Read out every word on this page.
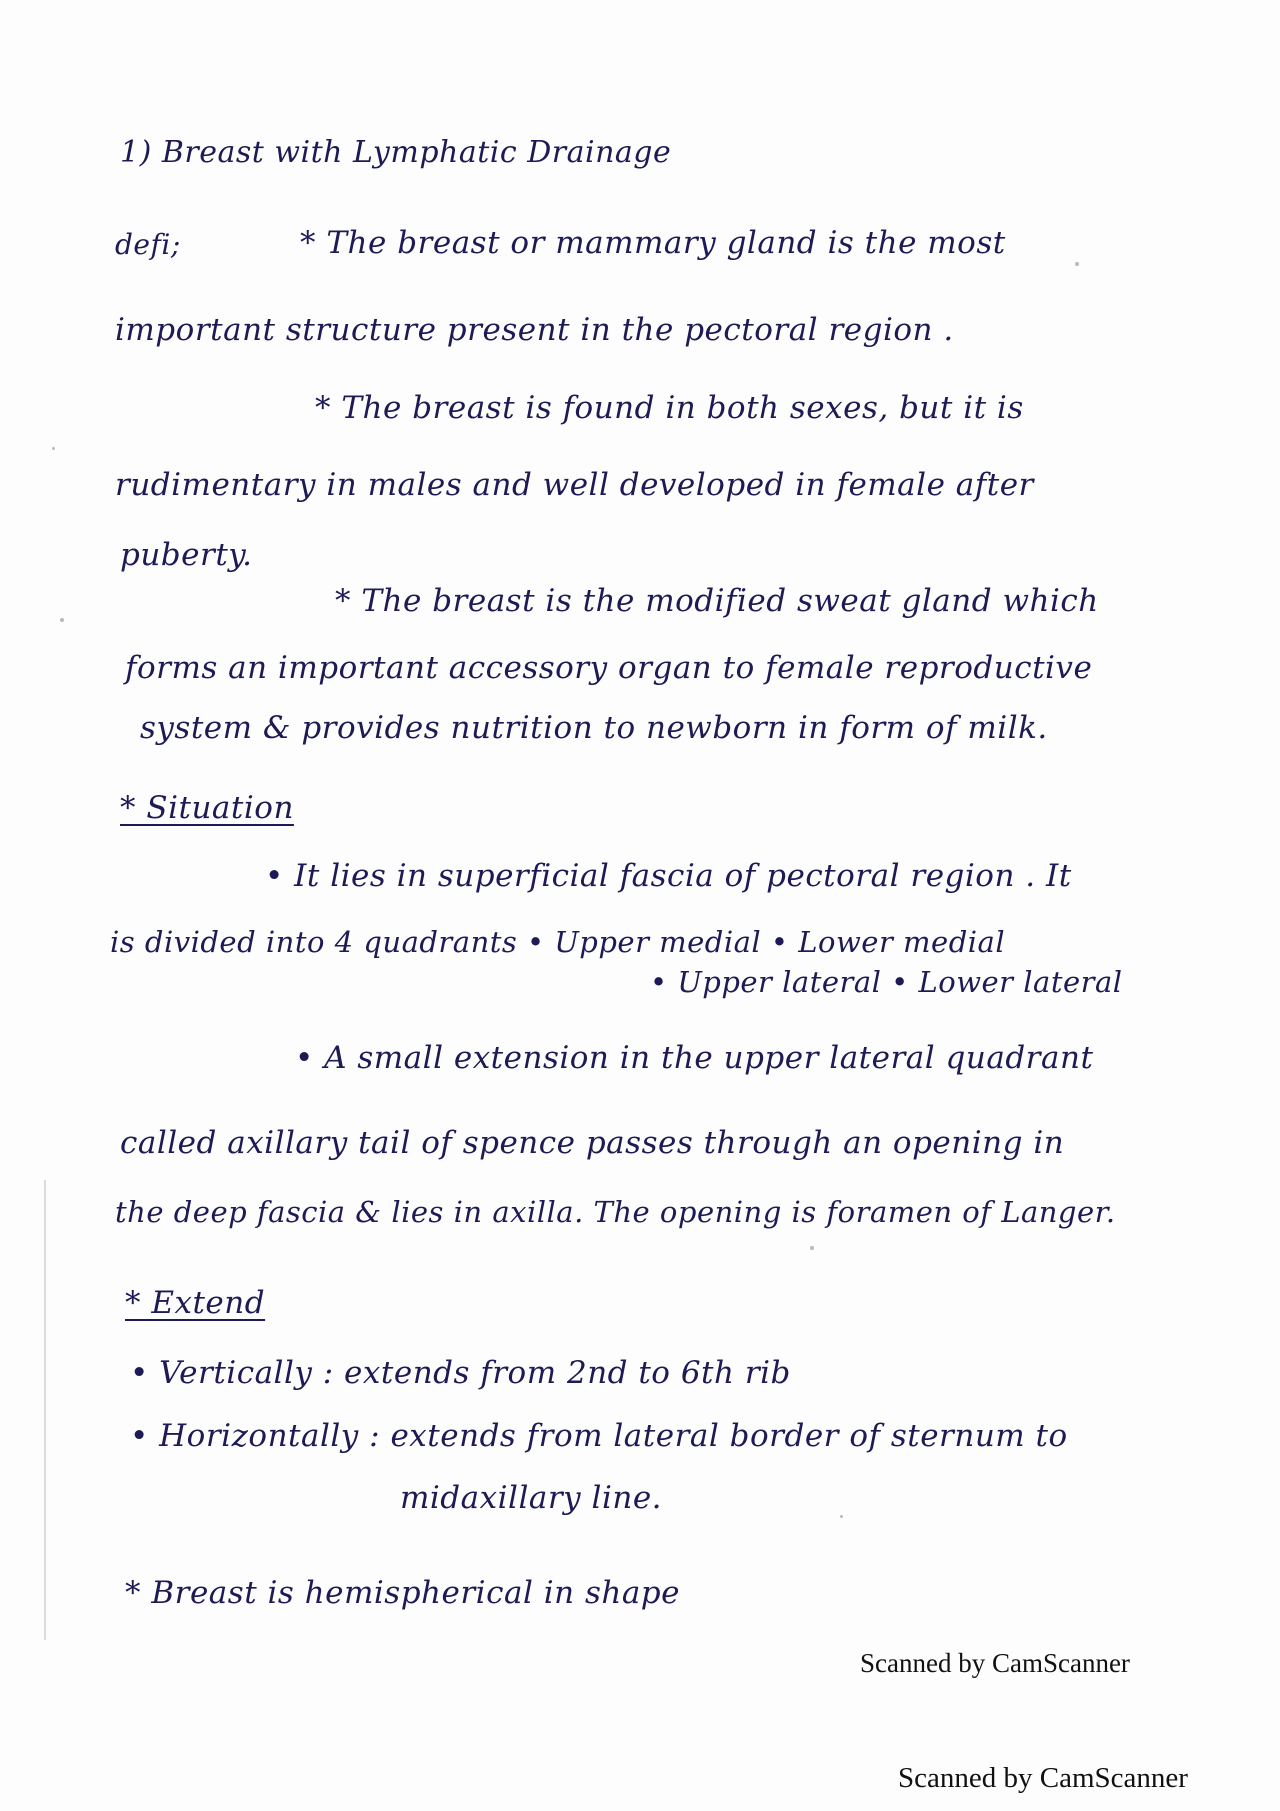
1) Breast with Lymphatic Drainage
defi;	* The breast or mammary gland is the most
important structure present in the pectoral region .
* The breast is found in both sexes, but it is
rudimentary in males and well developed in female after
puberty.
* The breast is the modified sweat gland which
forms an important accessory organ to female reproductive
system & provides nutrition to newborn in form of milk.
* Situation
• It lies in superficial fascia of pectoral region . It
is divided into 4 quadrants • Upper medial • Lower medial
• Upper lateral • Lower lateral
• A small extension in the upper lateral quadrant
called axillary tail of spence passes through an opening in
the deep fascia & lies in axilla. The opening is foramen of Langer.
* Extend
• Vertically : extends from 2nd to 6th rib
• Horizontally : extends from lateral border of sternum to
midaxillary line.
* Breast is hemispherical in shape
Scanned by CamScanner
Scanned by CamScanner
